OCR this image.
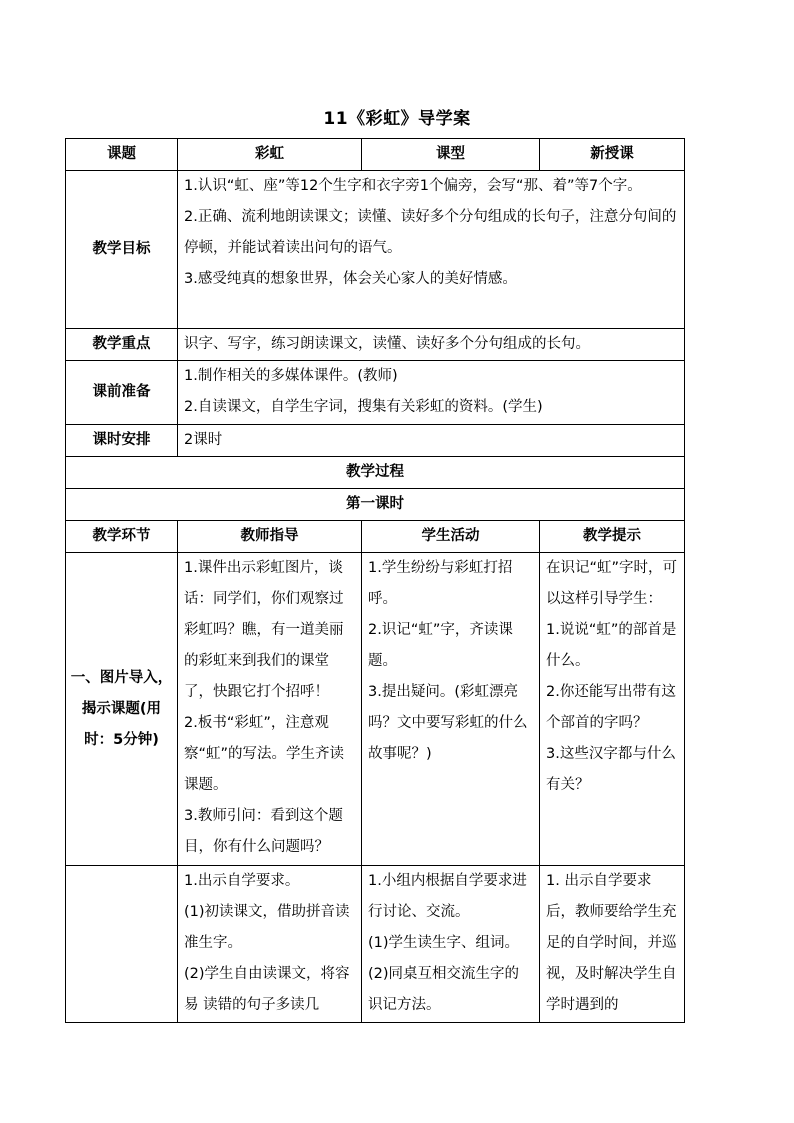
11《彩虹》导学案
课题	彩虹	课型	新授课
教学目标	1.认识“虹、座”等12个生字和衣字旁1个偏旁，会写“那、着”等7个字。
2.正确、流利地朗读课文；读懂、读好多个分句组成的长句子，注意分句间的停顿，并能试着读出问句的语气。
3.感受纯真的想象世界，体会关心家人的美好情感。		

教学重点	识字、写字，练习朗读课文，读懂、读好多个分句组成的长句。		
课前准备	1.制作相关的多媒体课件。(教师)
2.自读课文，自学生字词，搜集有关彩虹的资料。(学生)		

课时安排	2课时		
教学过程			
第一课时			
教学环节	教师指导	学生活动	教学提示
一、图片导入，揭示课题(用时：5分钟)	1.课件出示彩虹图片，谈话：同学们，你们观察过彩虹吗？瞧，有一道美丽的彩虹来到我们的课堂了，快跟它打个招呼！
2.板书“彩虹”，注意观察“虹”的写法。学生齐读课题。
3.教师引问：看到这个题目，你有什么问题吗？	1.学生纷纷与彩虹打招呼。
2.识记“虹”字，齐读课题。
3.提出疑问。(彩虹漂亮吗？文中要写彩虹的什么故事呢？)	在识记“虹”字时，可以这样引导学生：
1.说说“虹”的部首是什么。
2.你还能写出带有这个部首的字吗？
3.这些汉字都与什么有关？

	1.出示自学要求。
(1)初读课文，借助拼音读准生字。
(2)学生自由读课文，将容易 读错的句子多读几	1.小组内根据自学要求进行讨论、交流。
(1)学生读生字、组词。
(2)同桌互相交流生字的识记方法。	1. 出示自学要求后，教师要给学生充足的自学时间，并巡视，及时解决学生自学时遇到的
